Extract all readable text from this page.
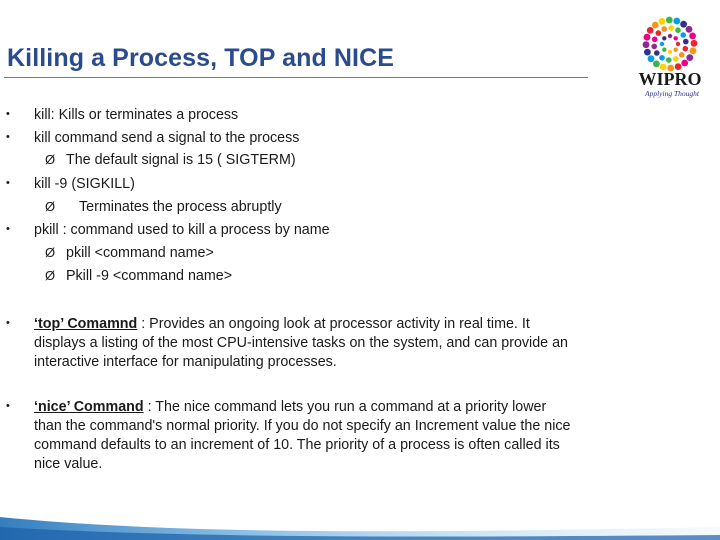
Killing a Process, TOP and NICE
WIPRO
Applying Thought
• kill: Kills or terminates a process
• kill command send a signal to the process
Ø The default signal is 15 ( SIGTERM)
• kill -9 (SIGKILL)
Ø Terminates the process abruptly
• pkill : command used to kill a process by name
Ø pkill <command name>
Ø Pkill -9 <command name>
• ‘top’ Comamnd : Provides an ongoing look at processor activity in real time. It
displays a listing of the most CPU-intensive tasks on the system, and can provide an
interactive interface for manipulating processes.
• ‘nice’ Command : The nice command lets you run a command at a priority lower
than the command's normal priority. If you do not specify an Increment value the nice
command defaults to an increment of 10. The priority of a process is often called its
nice value.
